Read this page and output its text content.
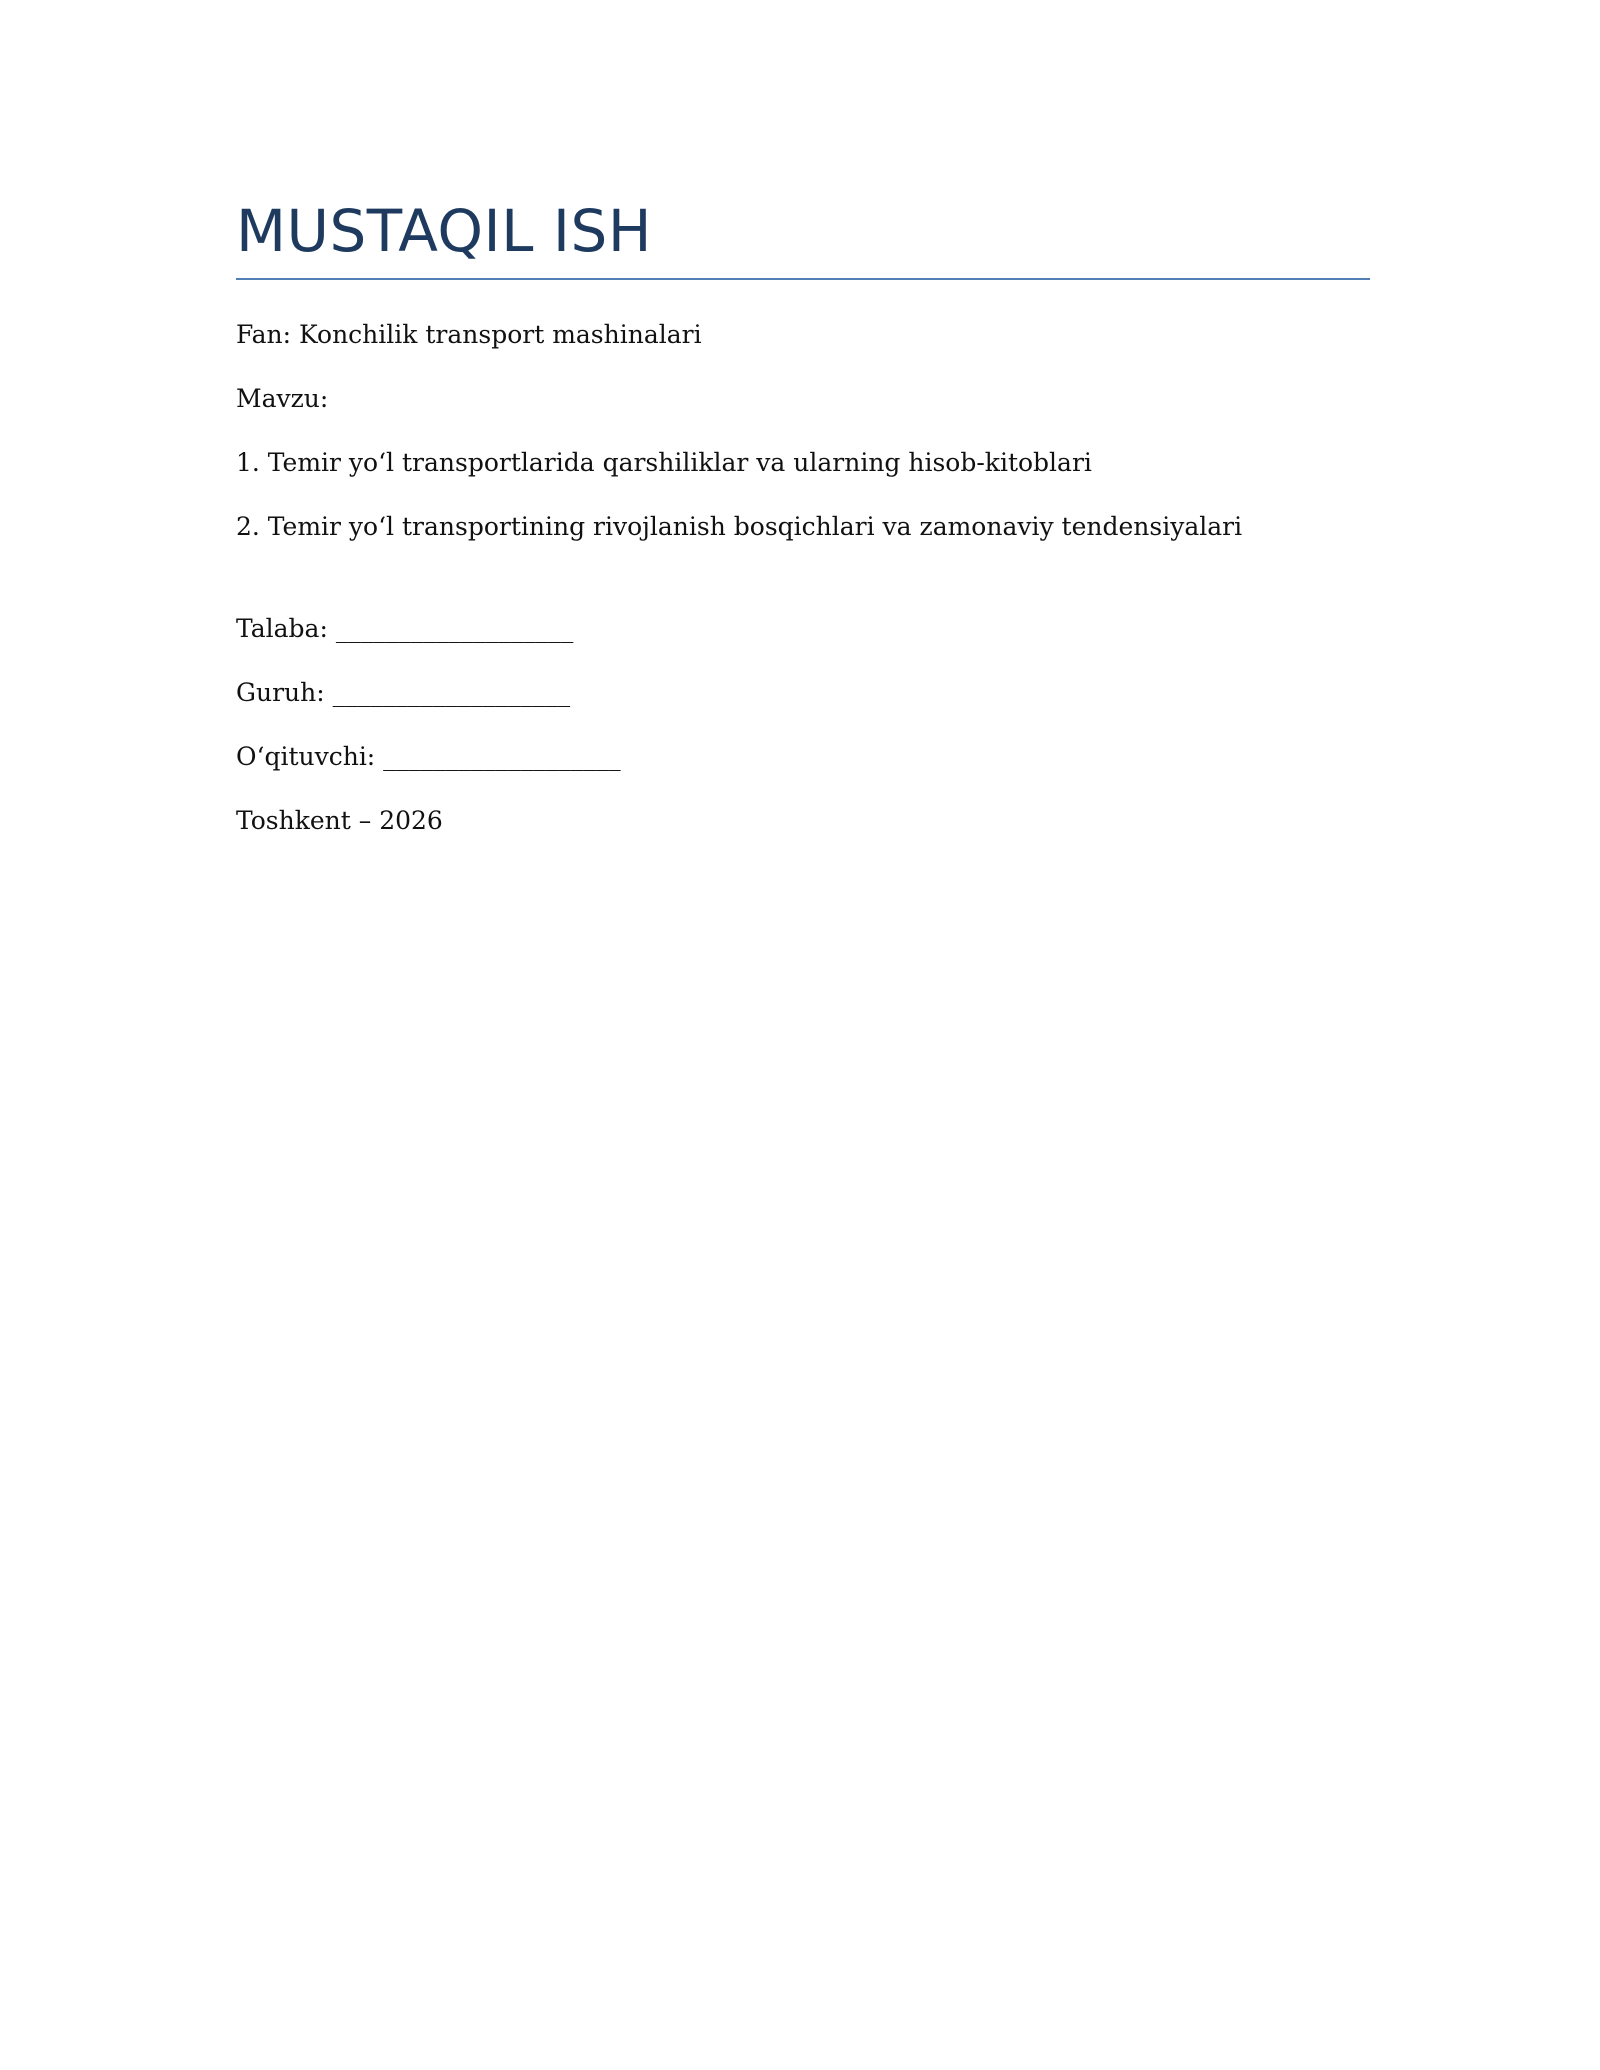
MUSTAQIL ISH

Fan: Konchilik transport mashinalari

Mavzu:

1. Temir yo‘l transportlarida qarshiliklar va ularning hisob-kitoblari

2. Temir yo‘l transportining rivojlanish bosqichlari va zamonaviy tendensiyalari

Talaba: ___________________

Guruh: ___________________

O‘qituvchi: ___________________

Toshkent – 2026
